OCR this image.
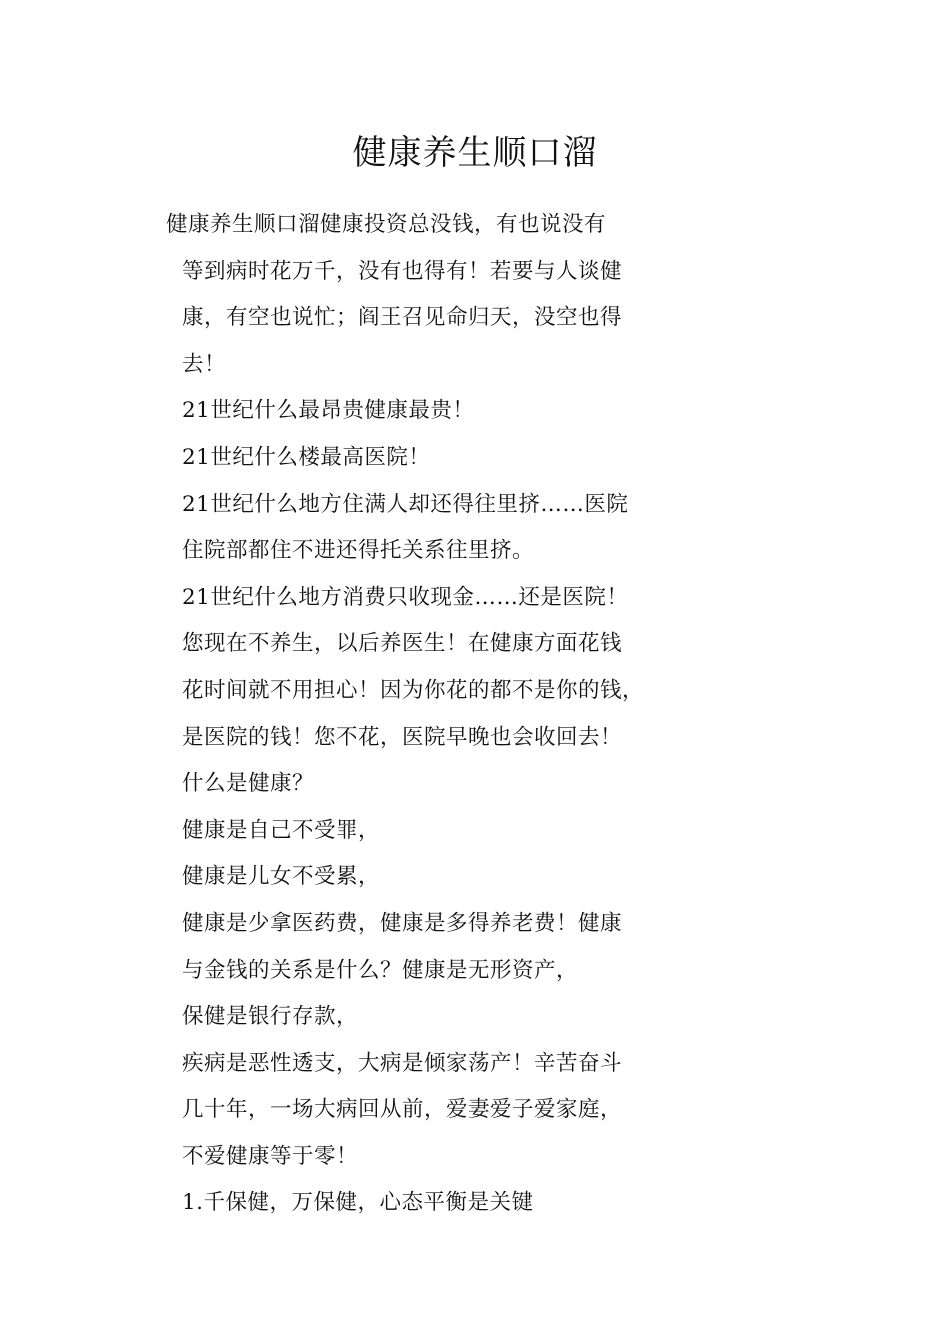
健康养生顺口溜
健康养生顺口溜健康投资总没钱，有也说没有
等到病时花万千，没有也得有！若要与人谈健
康，有空也说忙；阎王召见命归天，没空也得
去！
21世纪什么最昂贵健康最贵！
21世纪什么楼最高医院！
21世纪什么地方住满人却还得往里挤……医院
住院部都住不进还得托关系往里挤。
21世纪什么地方消费只收现金……还是医院！
您现在不养生，以后养医生！在健康方面花钱
花时间就不用担心！因为你花的都不是你的钱，
是医院的钱！您不花，医院早晚也会收回去！
什么是健康？
健康是自己不受罪，
健康是儿女不受累，
健康是少拿医药费，健康是多得养老费！健康
与金钱的关系是什么？健康是无形资产，
保健是银行存款，
疾病是恶性透支，大病是倾家荡产！辛苦奋斗
几十年，一场大病回从前，爱妻爱子爱家庭，
不爱健康等于零！
1.千保健，万保健，心态平衡是关键
